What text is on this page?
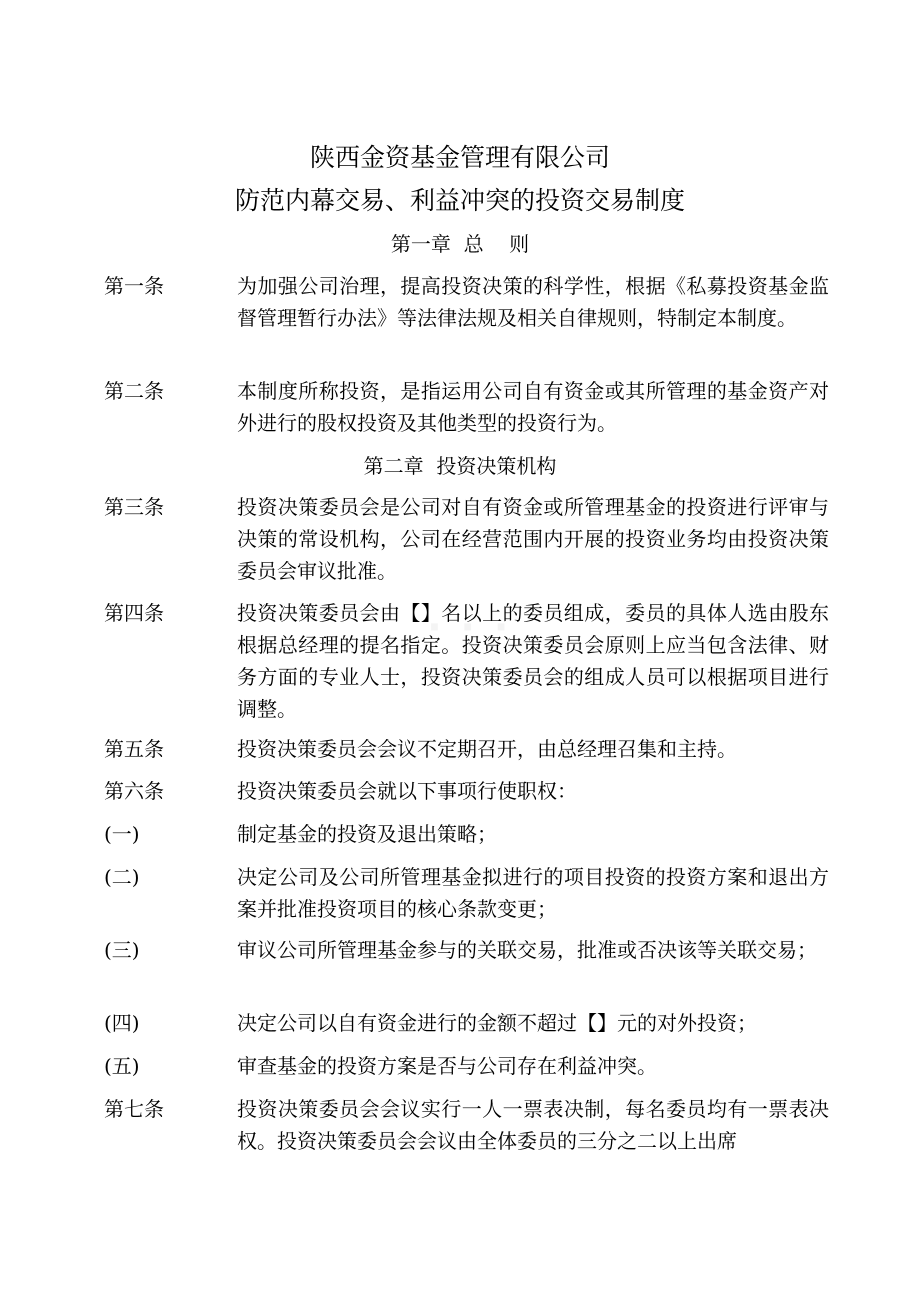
陕西金资基金管理有限公司
防范内幕交易、利益冲突的投资交易制度
第一章  总    则
第一条	为加强公司治理，提高投资决策的科学性，根据《私募投资基金监督管理暂行办法》等法律法规及相关自律规则，特制定本制度。
第二条	本制度所称投资，是指运用公司自有资金或其所管理的基金资产对外进行的股权投资及其他类型的投资行为。
第二章  投资决策机构
第三条	投资决策委员会是公司对自有资金或所管理基金的投资进行评审与决策的常设机构，公司在经营范围内开展的投资业务均由投资决策委员会审议批准。
第四条	投资决策委员会由【】名以上的委员组成，委员的具体人选由股东根据总经理的提名指定。投资决策委员会原则上应当包含法律、财务方面的专业人士，投资决策委员会的组成人员可以根据项目进行调整。
第五条	投资决策委员会会议不定期召开，由总经理召集和主持。
第六条	投资决策委员会就以下事项行使职权：
(一)	制定基金的投资及退出策略；
(二)	决定公司及公司所管理基金拟进行的项目投资的投资方案和退出方案并批准投资项目的核心条款变更；
(三)	审议公司所管理基金参与的关联交易，批准或否决该等关联交易；
(四)	决定公司以自有资金进行的金额不超过【】元的对外投资；
(五)	审查基金的投资方案是否与公司存在利益冲突。
第七条	投资决策委员会会议实行一人一票表决制，每名委员均有一票表决权。投资决策委员会会议由全体委员的三分之二以上出席
